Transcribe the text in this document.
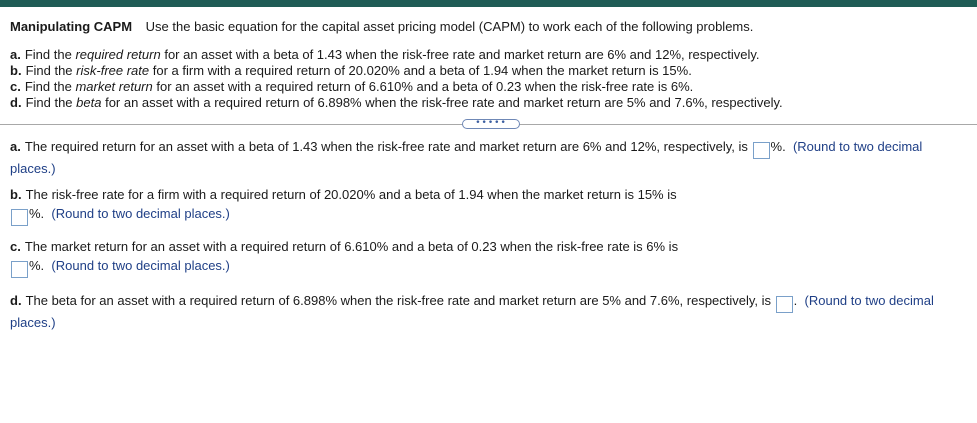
Manipulating CAPM Use the basic equation for the capital asset pricing model (CAPM) to work each of the following problems.
a. Find the required return for an asset with a beta of 1.43 when the risk-free rate and market return are 6% and 12%, respectively.
b. Find the risk-free rate for a firm with a required return of 20.020% and a beta of 1.94 when the market return is 15%.
c. Find the market return for an asset with a required return of 6.610% and a beta of 0.23 when the risk-free rate is 6%.
d. Find the beta for an asset with a required return of 6.898% when the risk-free rate and market return are 5% and 7.6%, respectively.
•••••
a. The required return for an asset with a beta of 1.43 when the risk-free rate and market return are 6% and 12%, respectively, is %. (Round to two decimal places.)
b. The risk-free rate for a firm with a required return of 20.020% and a beta of 1.94 when the market return is 15% is
%. (Round to two decimal places.)
c. The market return for an asset with a required return of 6.610% and a beta of 0.23 when the risk-free rate is 6% is
%. (Round to two decimal places.)
d. The beta for an asset with a required return of 6.898% when the risk-free rate and market return are 5% and 7.6%, respectively, is . (Round to two decimal places.)
